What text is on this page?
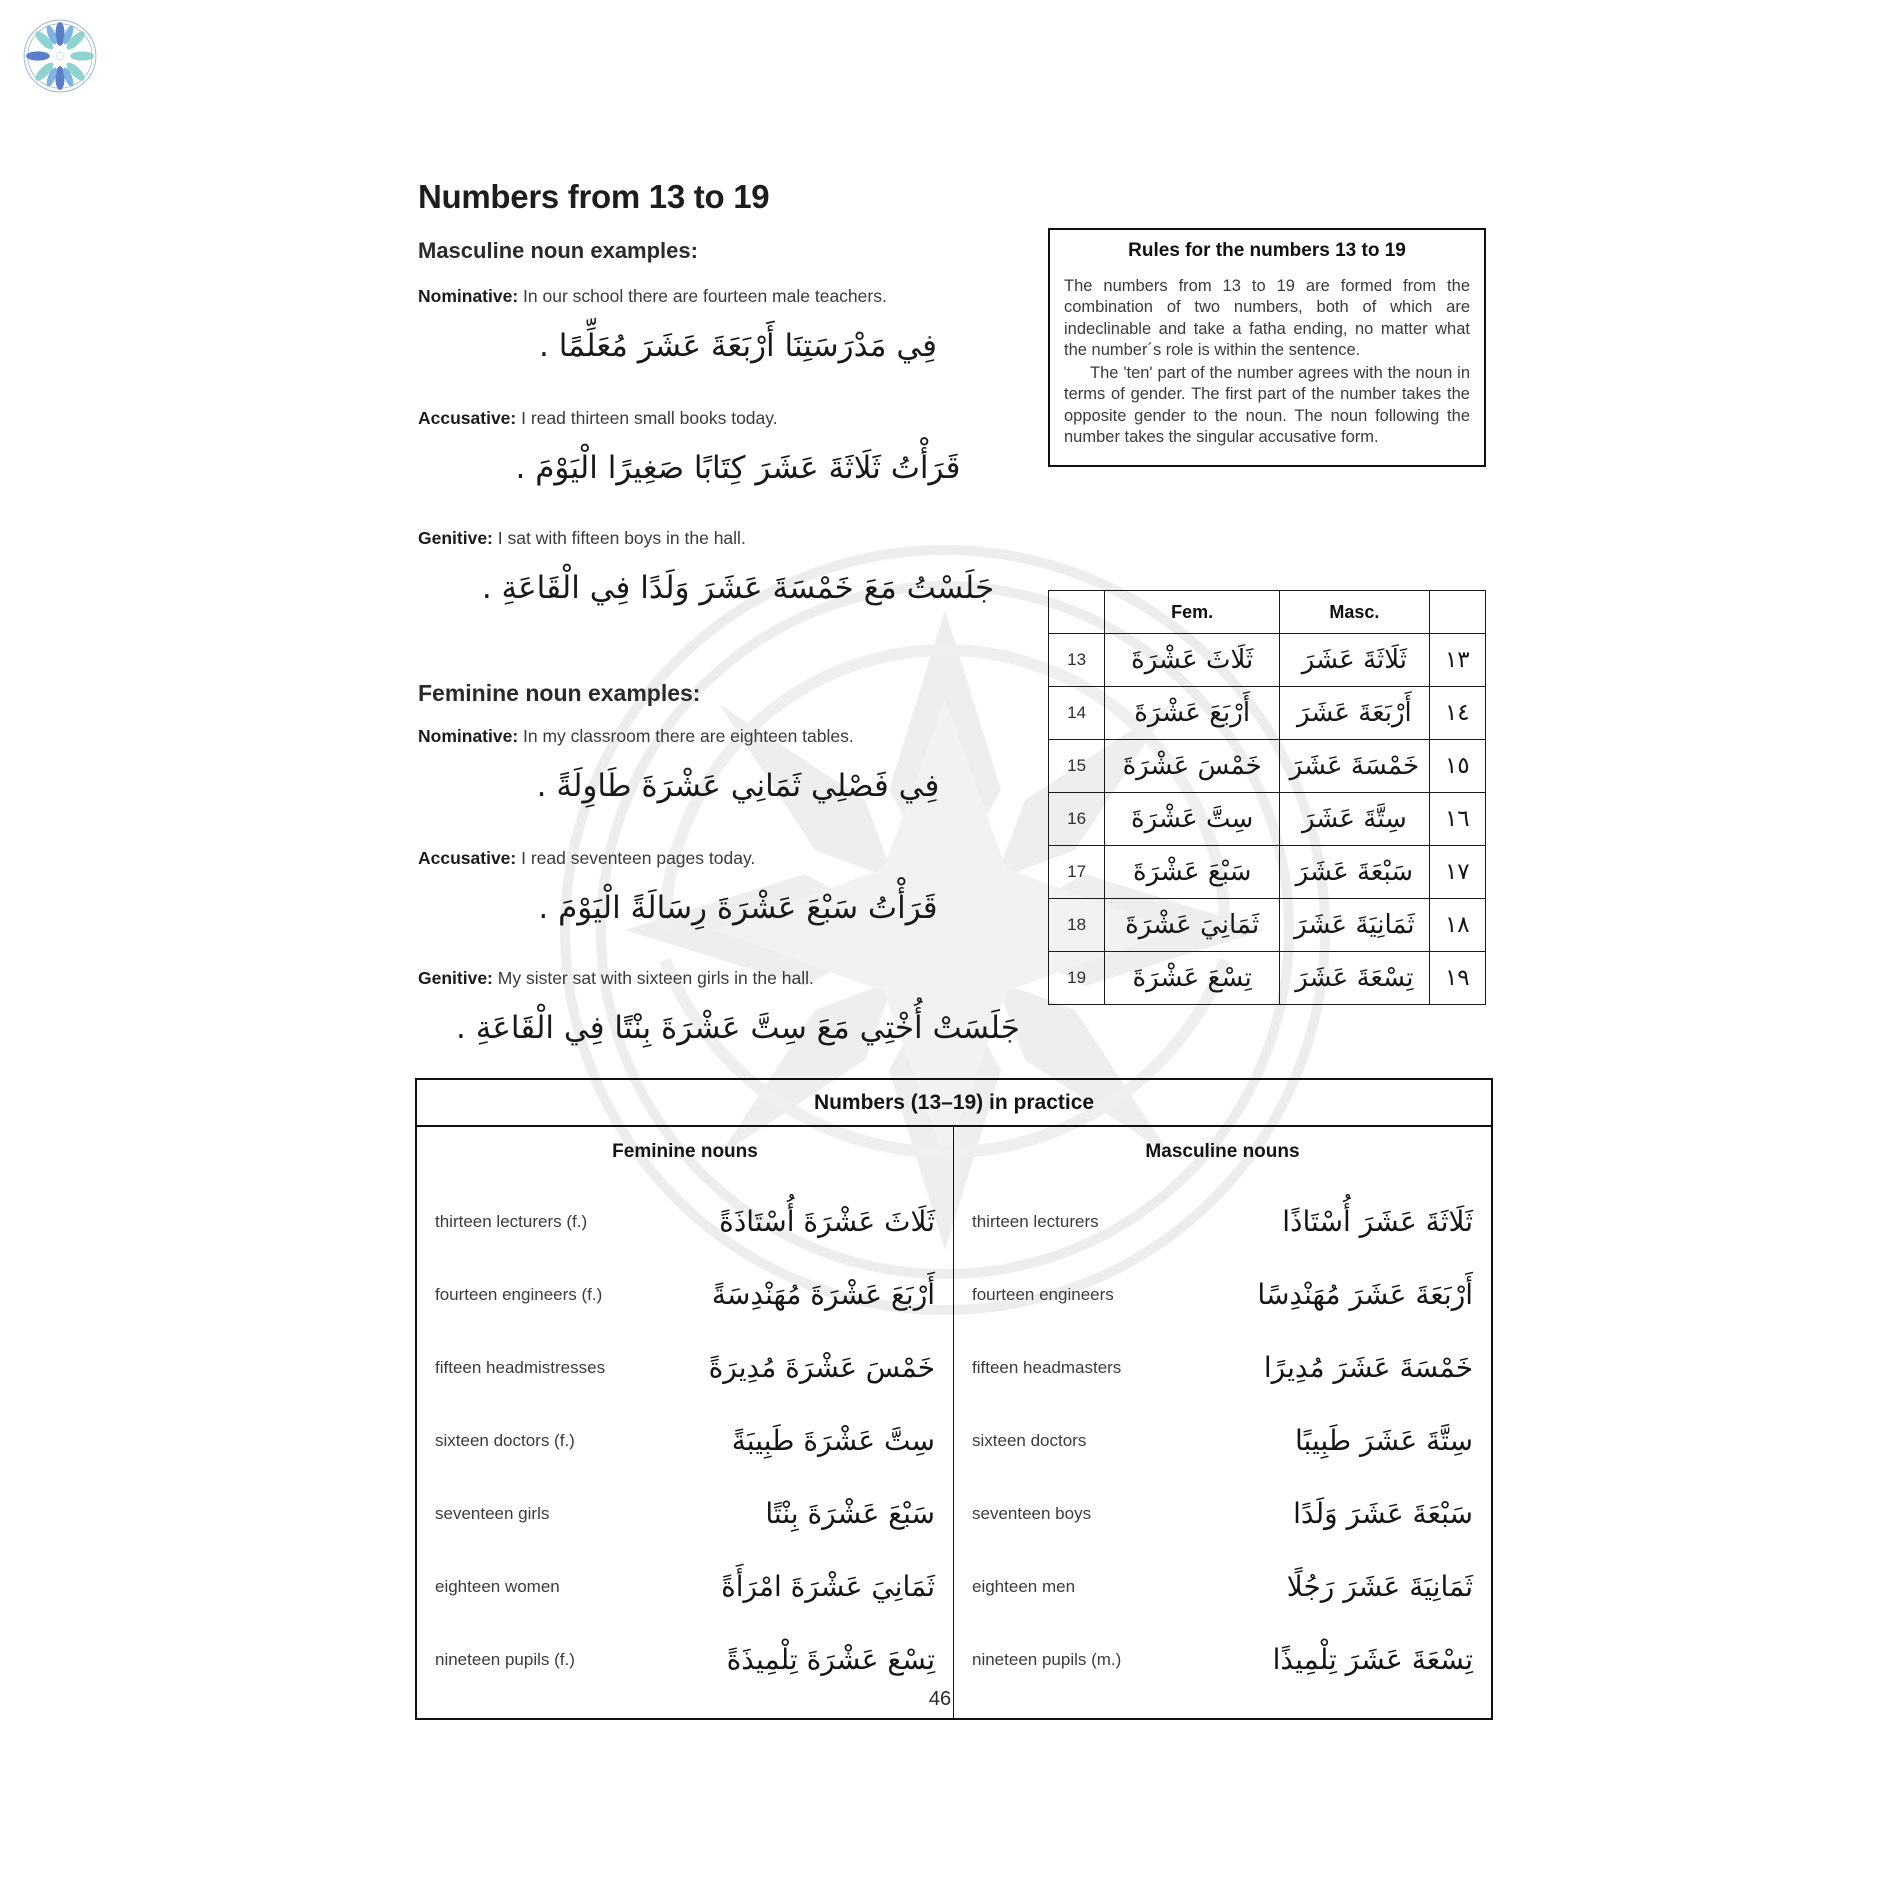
Numbers from 13 to 19
Masculine noun examples:
Nominative: In our school there are fourteen male teachers.
فِي مَدْرَسَتِنَا أَرْبَعَةَ عَشَرَ مُعَلِّمًا .
Accusative: I read thirteen small books today.
قَرَأْتُ ثَلَاثَةَ عَشَرَ كِتَابًا صَغِيرًا الْيَوْمَ .
Genitive: I sat with fifteen boys in the hall.
جَلَسْتُ مَعَ خَمْسَةَ عَشَرَ وَلَدًا فِي الْقَاعَةِ .
Feminine noun examples:
Nominative: In my classroom there are eighteen tables.
فِي فَصْلِي ثَمَانِي عَشْرَةَ طَاوِلَةً .
Accusative: I read seventeen pages today.
قَرَأْتُ سَبْعَ عَشْرَةَ رِسَالَةً الْيَوْمَ .
Genitive: My sister sat with sixteen girls in the hall.
جَلَسَتْ أُخْتِي مَعَ سِتَّ عَشْرَةَ بِنْتًا فِي الْقَاعَةِ .
Rules for the numbers 13 to 19

The numbers from 13 to 19 are formed from the combination of two numbers, both of which are indeclinable and take a fatha ending, no matter what the number´s role is within the sentence.

The 'ten' part of the number agrees with the noun in terms of gender. The first part of the number takes the opposite gender to the noun. The noun following the number takes the singular accusative form.

	Fem.	Masc.	
13	ثَلَاثَ عَشْرَةَ	ثَلَاثَةَ عَشَرَ	١٣
14	أَرْبَعَ عَشْرَةَ	أَرْبَعَةَ عَشَرَ	١٤
15	خَمْسَ عَشْرَةَ	خَمْسَةَ عَشَرَ	١٥
16	سِتَّ عَشْرَةَ	سِتَّةَ عَشَرَ	١٦
17	سَبْعَ عَشْرَةَ	سَبْعَةَ عَشَرَ	١٧
18	ثَمَانِيَ عَشْرَةَ	ثَمَانِيَةَ عَشَرَ	١٨
19	تِسْعَ عَشْرَةَ	تِسْعَةَ عَشَرَ	١٩
Numbers (13–19) in practice
Feminine nouns
thirteen lecturers (f.)	ثَلَاثَ عَشْرَةَ أُسْتَاذَةً
fourteen engineers (f.)	أَرْبَعَ عَشْرَةَ مُهَنْدِسَةً
fifteen headmistresses	خَمْسَ عَشْرَةَ مُدِيرَةً
sixteen doctors (f.)	سِتَّ عَشْرَةَ طَبِيبَةً
seventeen girls	سَبْعَ عَشْرَةَ بِنْتًا
eighteen women	ثَمَانِيَ عَشْرَةَ امْرَأَةً
nineteen pupils (f.)	تِسْعَ عَشْرَةَ تِلْمِيذَةً
Masculine nouns
thirteen lecturers	ثَلَاثَةَ عَشَرَ أُسْتَاذًا
fourteen engineers	أَرْبَعَةَ عَشَرَ مُهَنْدِسًا
fifteen headmasters	خَمْسَةَ عَشَرَ مُدِيرًا
sixteen doctors	سِتَّةَ عَشَرَ طَبِيبًا
seventeen boys	سَبْعَةَ عَشَرَ وَلَدًا
eighteen men	ثَمَانِيَةَ عَشَرَ رَجُلًا
nineteen pupils (m.)	تِسْعَةَ عَشَرَ تِلْمِيذًا
46
